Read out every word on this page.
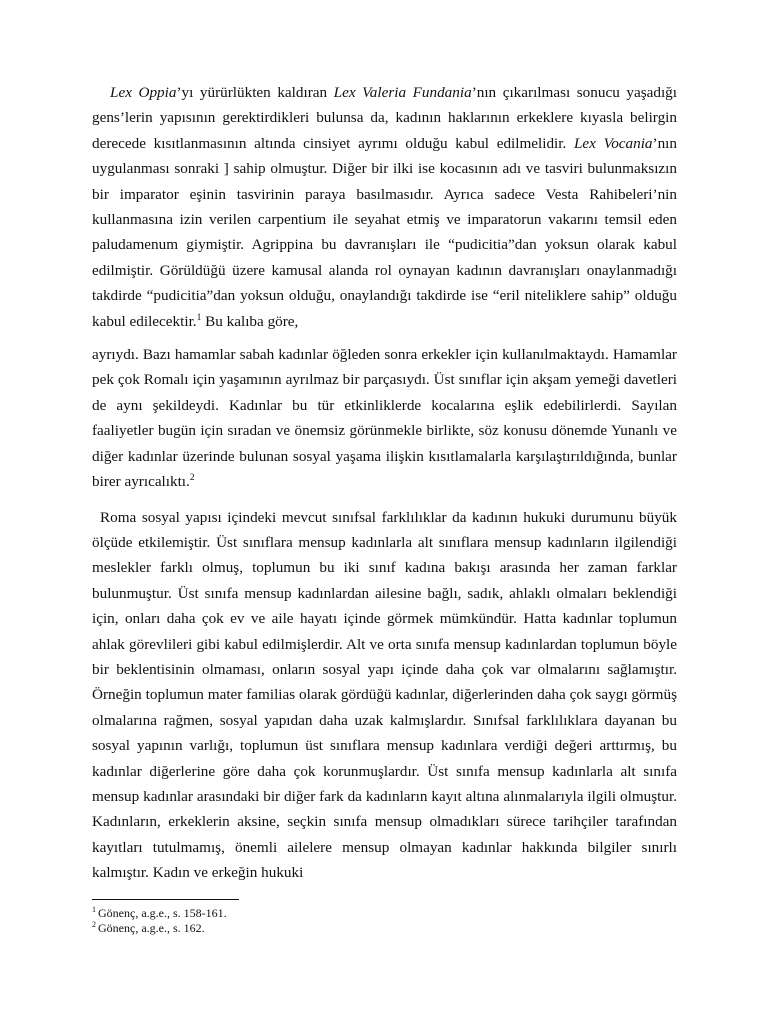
Lex Oppia’yı yürürlükten kaldıran Lex Valeria Fundania’nın çıkarılması sonucu yaşadığı gens’lerin yapısının gerektirdikleri bulunsa da, kadının haklarının erkeklere kıyasla belirgin derecede kısıtlanmasının altında cinsiyet ayrımı olduğu kabul edilmelidir. Lex Vocania’nın uygulanması sonraki ] sahip olmuştur. Diğer bir ilki ise kocasının adı ve tasviri bulunmaksızın bir imparator eşinin tasvirinin paraya basılmasıdır. Ayrıca sadece Vesta Rahibeleri’nin kullanmasına izin verilen carpentium ile seyahat etmiş ve imparatorun vakarını temsil eden paludamenum giymiştir. Agrippina bu davranışları ile “pudicitia”dan yoksun olarak kabul edilmiştir. Görüldüğü üzere kamusal alanda rol oynayan kadının davranışları onaylanmadığı takdirde “pudicitia”dan yoksun olduğu, onaylandığı takdirde ise “eril niteliklere sahip” olduğu kabul edilecektir.$^1$ Bu kalıba göre,

ayrıydı. Bazı hamamlar sabah kadınlar öğleden sonra erkekler için kullanılmaktaydı. Hamamlar pek çok Romalı için yaşamının ayrılmaz bir parçasıydı. Üst sınıflar için akşam yemeği davetleri de aynı şekildeydi. Kadınlar bu tür etkinliklerde kocalarına eşlik edebilirlerdi. Sayılan faaliyetler bugün için sıradan ve önemsiz görünmekle birlikte, söz konusu dönemde Yunanlı ve diğer kadınlar üzerinde bulunan sosyal yaşama ilişkin kısıtlamalarla karşılaştırıldığında, bunlar birer ayrıcalıktı.$^2$

Roma sosyal yapısı içindeki mevcut sınıfsal farklılıklar da kadının hukuki durumunu büyük ölçüde etkilemiştir. Üst sınıflara mensup kadınlarla alt sınıflara mensup kadınların ilgilendiği meslekler farklı olmuş, toplumun bu iki sınıf kadına bakışı arasında her zaman farklar bulunmuştur. Üst sınıfa mensup kadınlardan ailesine bağlı, sadık, ahlaklı olmaları beklendiği için, onları daha çok ev ve aile hayatı içinde görmek mümkündür. Hatta kadınlar toplumun ahlak görevlileri gibi kabul edilmişlerdir. Alt ve orta sınıfa mensup kadınlardan toplumun böyle bir beklentisinin olmaması, onların sosyal yapı içinde daha çok var olmalarını sağlamıştır. Örneğin toplumun mater familias olarak gördüğü kadınlar, diğerlerinden daha çok saygı görmüş olmalarına rağmen, sosyal yapıdan daha uzak kalmışlardır. Sınıfsal farklılıklara dayanan bu sosyal yapının varlığı, toplumun üst sınıflara mensup kadınlara verdiği değeri arttırmış, bu kadınlar diğerlerine göre daha çok korunmuşlardır. Üst sınıfa mensup kadınlarla alt sınıfa mensup kadınlar arasındaki bir diğer fark da kadınların kayıt altına alınmalarıyla ilgili olmuştur. Kadınların, erkeklerin aksine, seçkin sınıfa mensup olmadıkları sürece tarihçiler tarafından kayıtları tutulmamış, önemli ailelere mensup olmayan kadınlar hakkında bilgiler sınırlı kalmıştır. Kadın ve erkeğin hukuki

$^1$ Gönenç, a.g.e., s. 158-161.

$^2$ Gönenç, a.g.e., s. 162.
